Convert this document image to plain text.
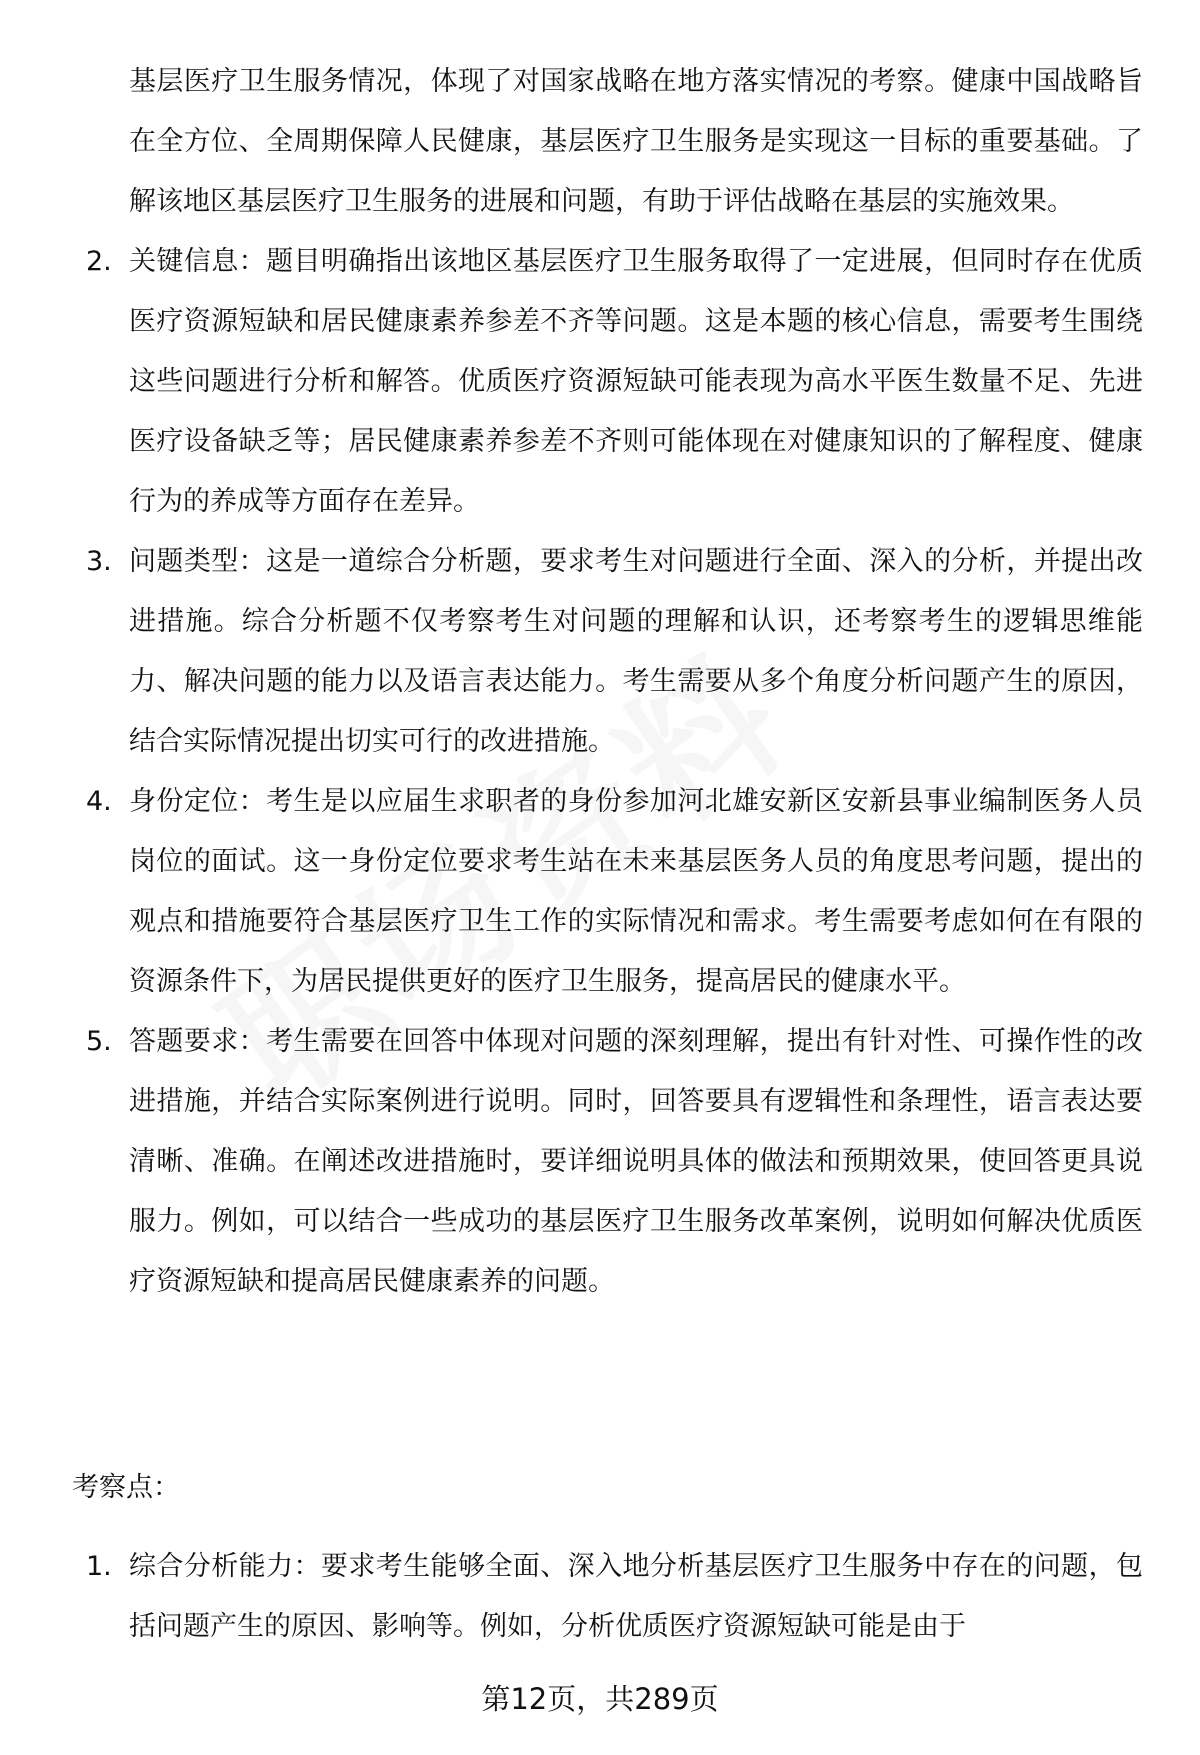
基层医疗卫生服务情况，体现了对国家战略在地方落实情况的考察。健康中国战略旨在全方位、全周期保障人民健康，基层医疗卫生服务是实现这一目标的重要基础。了解该地区基层医疗卫生服务的进展和问题，有助于评估战略在基层的实施效果。

2. 关键信息：题目明确指出该地区基层医疗卫生服务取得了一定进展，但同时存在优质医疗资源短缺和居民健康素养参差不齐等问题。这是本题的核心信息，需要考生围绕这些问题进行分析和解答。优质医疗资源短缺可能表现为高水平医生数量不足、先进医疗设备缺乏等；居民健康素养参差不齐则可能体现在对健康知识的了解程度、健康行为的养成等方面存在差异。

3. 问题类型：这是一道综合分析题，要求考生对问题进行全面、深入的分析，并提出改进措施。综合分析题不仅考察考生对问题的理解和认识，还考察考生的逻辑思维能力、解决问题的能力以及语言表达能力。考生需要从多个角度分析问题产生的原因，结合实际情况提出切实可行的改进措施。

4. 身份定位：考生是以应届生求职者的身份参加河北雄安新区安新县事业编制医务人员岗位的面试。这一身份定位要求考生站在未来基层医务人员的角度思考问题，提出的观点和措施要符合基层医疗卫生工作的实际情况和需求。考生需要考虑如何在有限的资源条件下，为居民提供更好的医疗卫生服务，提高居民的健康水平。

5. 答题要求：考生需要在回答中体现对问题的深刻理解，提出有针对性、可操作性的改进措施，并结合实际案例进行说明。同时，回答要具有逻辑性和条理性，语言表达要清晰、准确。在阐述改进措施时，要详细说明具体的做法和预期效果，使回答更具说服力。例如，可以结合一些成功的基层医疗卫生服务改革案例，说明如何解决优质医疗资源短缺和提高居民健康素养的问题。

考察点：

1. 综合分析能力：要求考生能够全面、深入地分析基层医疗卫生服务中存在的问题，包括问题产生的原因、影响等。例如，分析优质医疗资源短缺可能是由于

第12页，共289页
